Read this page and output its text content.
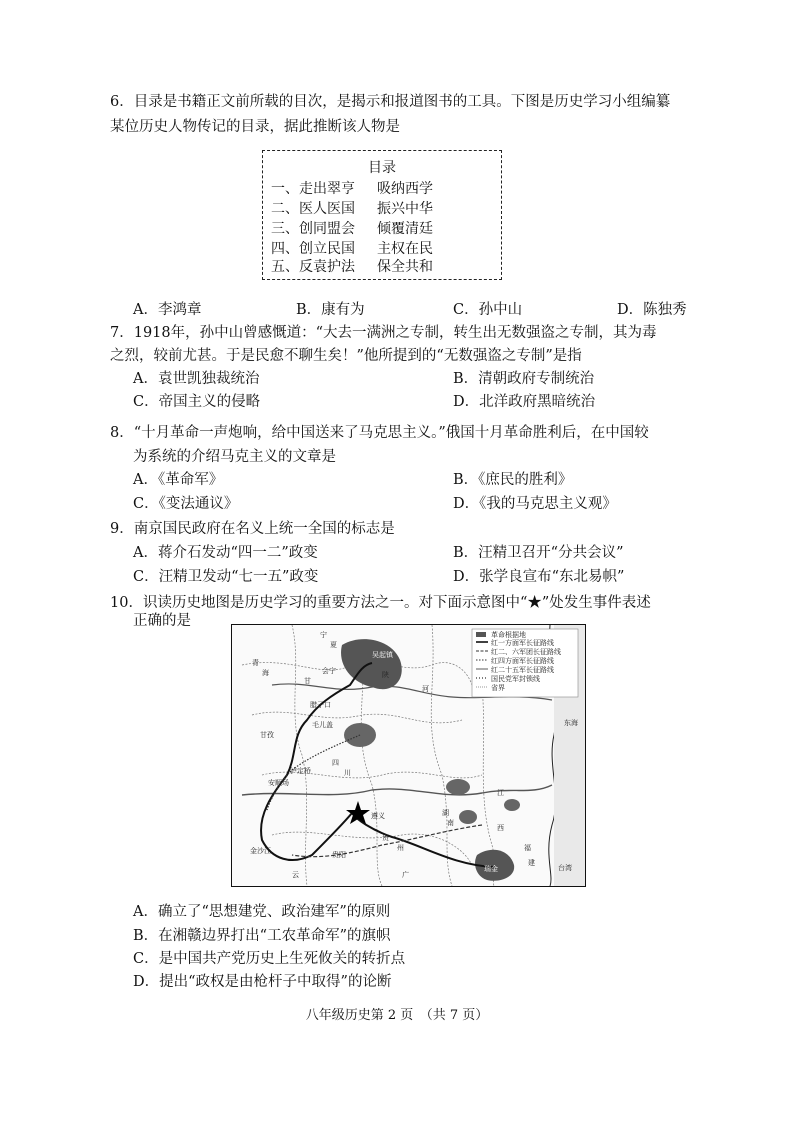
6．目录是书籍正文前所载的目次，是揭示和报道图书的工具。下图是历史学习小组编纂
某位历史人物传记的目录，据此推断该人物是
目录
一、走出翠亨 吸纳西学
二、医人医国 振兴中华
三、创同盟会 倾覆清廷
四、创立民国 主权在民
五、反袁护法 保全共和
A．李鸿章	B．康有为	C．孙中山	D．陈独秀
7．1918年，孙中山曾感慨道：“大去一满洲之专制，转生出无数强盗之专制，其为毒
之烈，较前尤甚。于是民愈不聊生矣！”他所提到的“无数强盗之专制”是指
A．袁世凯独裁统治	B．清朝政府专制统治
C．帝国主义的侵略	D．北洋政府黑暗统治
8．“十月革命一声炮响，给中国送来了马克思主义。”俄国十月革命胜利后，在中国较
为系统的介绍马克主义的文章是
A．《革命军》	B．《庶民的胜利》
C．《变法通议》	D．《我的马克思主义观》
9．南京国民政府在名义上统一全国的标志是
A．蒋介石发动“四一二”政变	B．汪精卫召开“分共会议”
C．汪精卫发动“七一五”政变	D．张学良宣布“东北易帜”
10．识读历史地图是历史学习的重要方法之一。对下面示意图中“★”处发生事件表述
正确的是
革命根据地
红一方面军长征路线
红二、六军团长征路线
红四方面军长征路线
红二十五军长征路线
国民党军封锁线
省界
吴起镇
会宁
腊子口
毛儿盖
甘孜
安顺场
泸定桥
遵义
金沙江
瑞金
贵阳
陕
甘
宁
夏
青
海
四
川
湖
南
江
西
贵
州	福
建
广
云
台湾
东海
河
A．确立了“思想建党、政治建军”的原则
B．在湘赣边界打出“工农革命军”的旗帜
C．是中国共产党历史上生死攸关的转折点
D．提出“政权是由枪杆子中取得”的论断
八年级历史第 2 页　（共 7 页）
